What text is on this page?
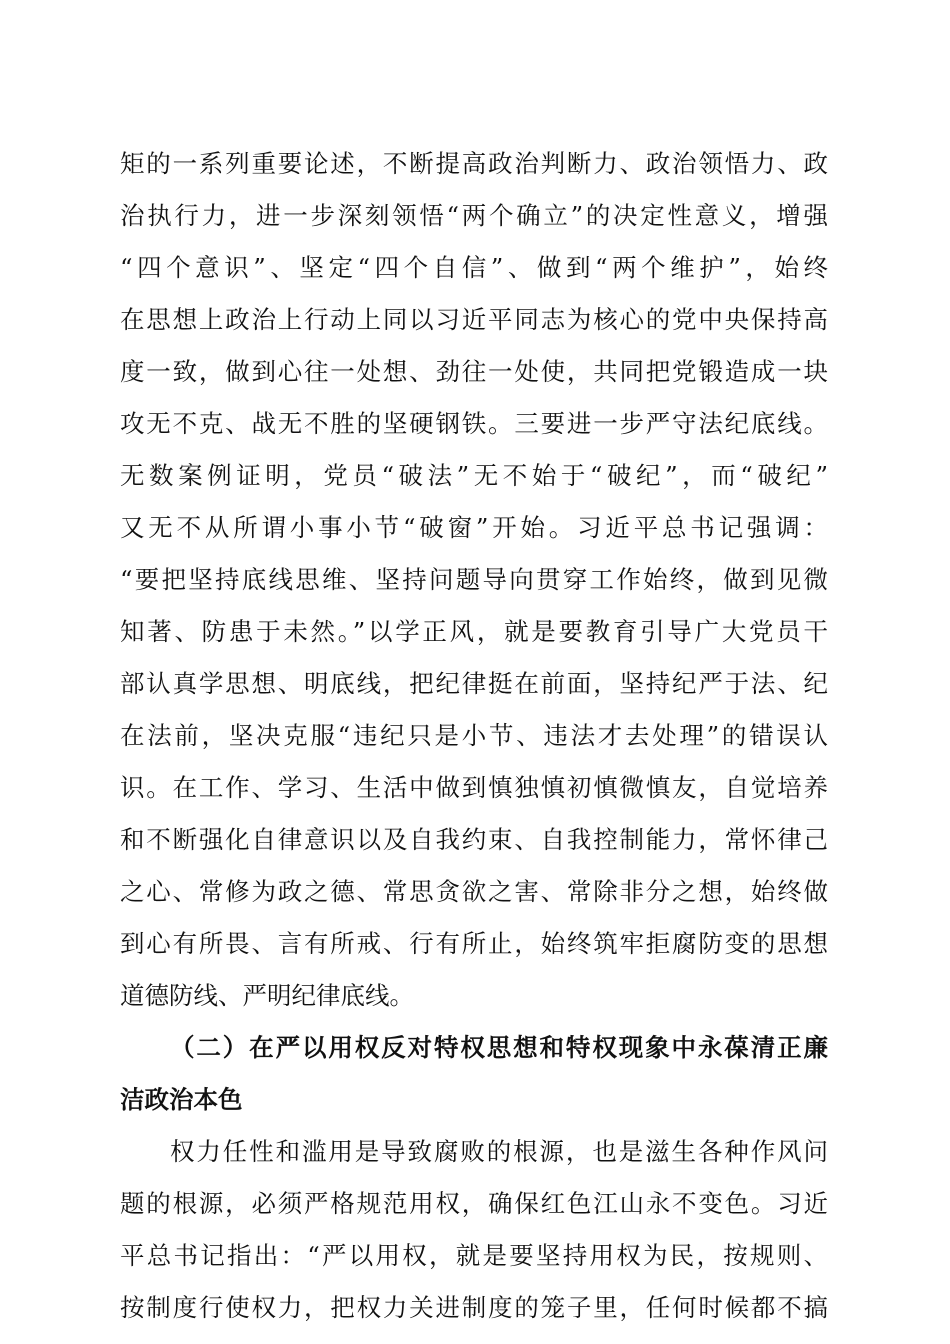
矩的一系列重要论述，不断提高政治判断力、政治领悟力、政
治执行力，进一步深刻领悟“两个确立”的决定性意义，增强
“四个意识”、坚定“四个自信”、做到“两个维护”，始终
在思想上政治上行动上同以习近平同志为核心的党中央保持高
度一致，做到心往一处想、劲往一处使，共同把党锻造成一块
攻无不克、战无不胜的坚硬钢铁。三要进一步严守法纪底线。
无数案例证明，党员“破法”无不始于“破纪”，而“破纪”
又无不从所谓小事小节“破窗”开始。习近平总书记强调：
“要把坚持底线思维、坚持问题导向贯穿工作始终，做到见微
知著、防患于未然。”以学正风，就是要教育引导广大党员干
部认真学思想、明底线，把纪律挺在前面，坚持纪严于法、纪
在法前，坚决克服“违纪只是小节、违法才去处理”的错误认
识。在工作、学习、生活中做到慎独慎初慎微慎友，自觉培养
和不断强化自律意识以及自我约束、自我控制能力，常怀律己
之心、常修为政之德、常思贪欲之害、常除非分之想，始终做
到心有所畏、言有所戒、行有所止，始终筑牢拒腐防变的思想
道德防线、严明纪律底线。
（二）在严以用权反对特权思想和特权现象中永葆清正廉
洁政治本色
权力任性和滥用是导致腐败的根源，也是滋生各种作风问
题的根源，必须严格规范用权，确保红色江山永不变色。习近
平总书记指出：“严以用权，就是要坚持用权为民，按规则、
按制度行使权力，把权力关进制度的笼子里，任何时候都不搞
